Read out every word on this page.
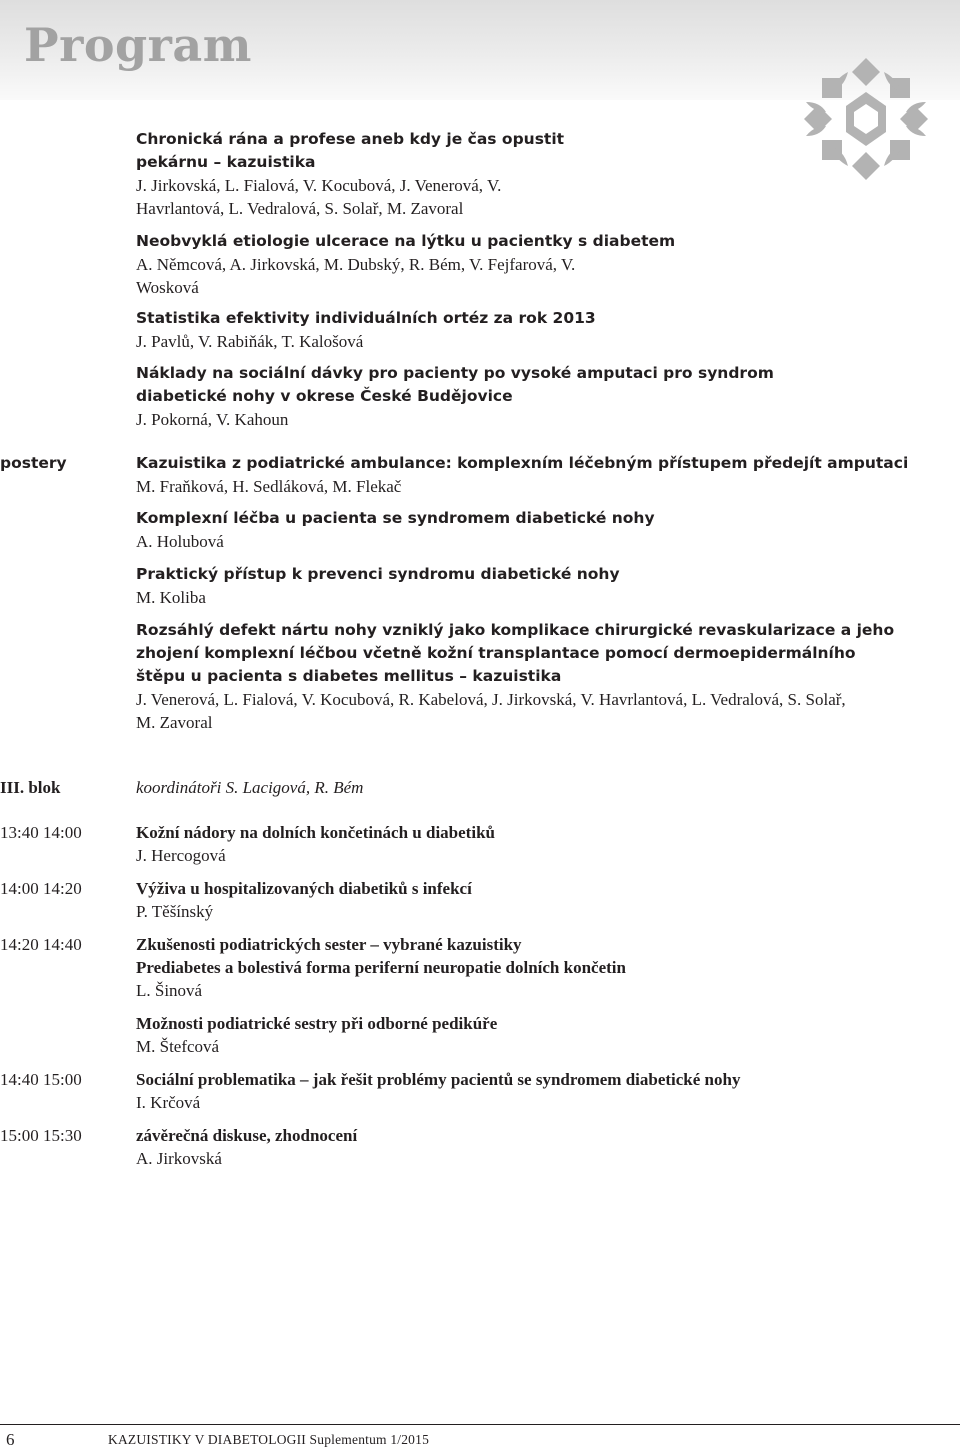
Program
Chronická rána a profese aneb kdy je čas opustit pekárnu – kazuistika
J. Jirkovská, L. Fialová, V. Kocubová, J. Venerová, V. Havrlantová, L. Vedralová, S. Solař, M. Zavoral
Neobvyklá etiologie ulcerace na lýtku u pacientky s diabetem
A. Němcová, A. Jirkovská, M. Dubský, R. Bém, V. Fejfarová, V. Wosková
Statistika efektivity individuálních ortéz za rok 2013
J. Pavlů, V. Rabiňák, T. Kalošová
Náklady na sociální dávky pro pacienty po vysoké amputaci pro syndrom diabetické nohy v okrese České Budějovice
J. Pokorná, V. Kahoun
postery	Kazuistika z podiatrické ambulance: komplexním léčebným přístupem předejít amputaci
M. Fraňková, H. Sedláková, M. Flekač
Komplexní léčba u pacienta se syndromem diabetické nohy
A. Holubová
Praktický přístup k prevenci syndromu diabetické nohy
M. Koliba
Rozsáhlý defekt nártu nohy vzniklý jako komplikace chirurgické revaskularizace a jeho zhojení komplexní léčbou včetně kožní transplantace pomocí dermoepidermálního štěpu u pacienta s diabetes mellitus – kazuistika
J. Venerová, L. Fialová, V. Kocubová, R. Kabelová, J. Jirkovská, V. Havrlantová, L. Vedralová, S. Solař, M. Zavoral
III. blok	koordinátoři S. Lacigová, R. Bém
13:40 14:00	Kožní nádory na dolních končetinách u diabetiků
J. Hercogová
14:00 14:20	Výživa u hospitalizovaných diabetiků s infekcí
P. Těšínský
14:20 14:40	Zkušenosti podiatrických sester – vybrané kazuistiky
Prediabetes a bolestivá forma periferní neuropatie dolních končetin
L. Šinová
Možnosti podiatrické sestry při odborné pedikúře
M. Štefcová
14:40 15:00	Sociální problematika – jak řešit problémy pacientů se syndromem diabetické nohy
I. Krčová
15:00 15:30	závěrečná diskuse, zhodnocení
A. Jirkovská
6	KAZUISTIKY V DIABETOLOGII Suplementum 1/2015
